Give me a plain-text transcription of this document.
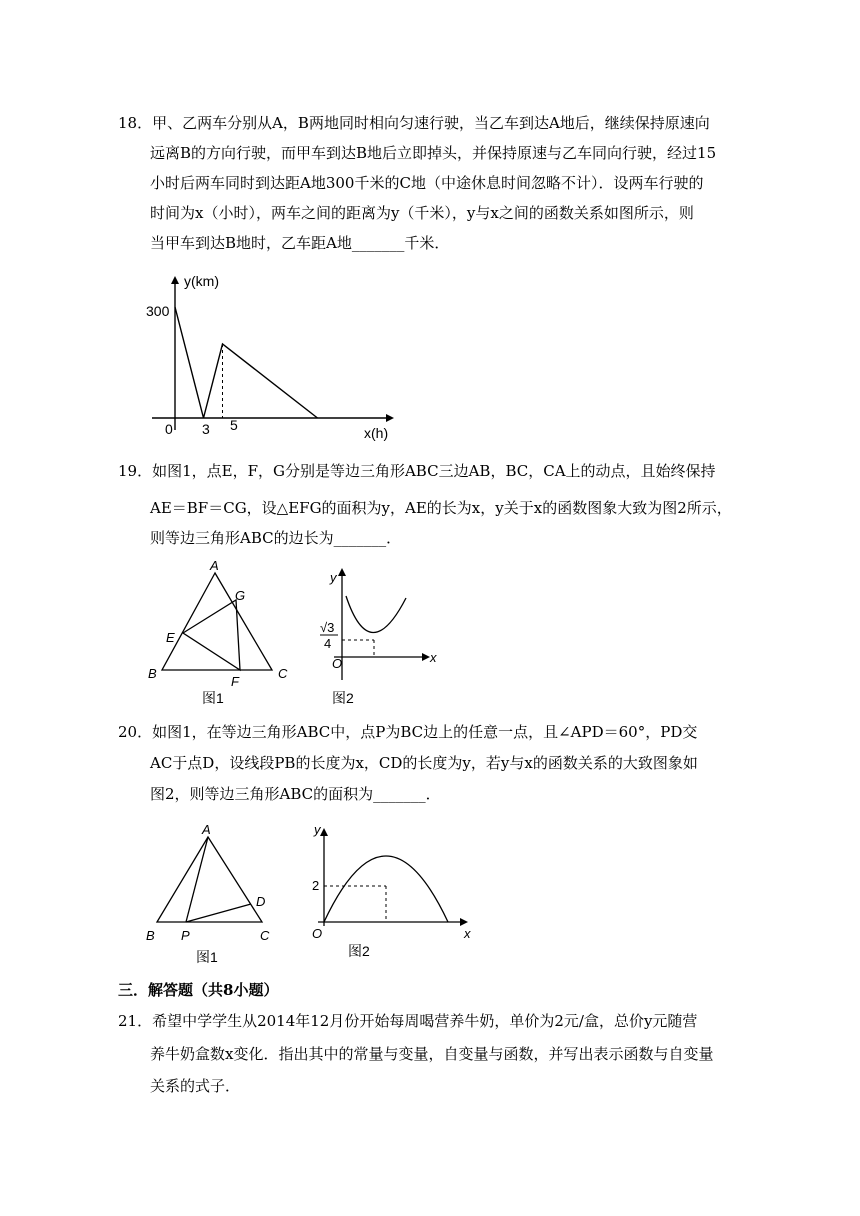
18．甲、乙两车分别从A，B两地同时相向匀速行驶，当乙车到达A地后，继续保持原速向
远离B的方向行驶，而甲车到达B地后立即掉头，并保持原速与乙车同向行驶，经过15
小时后两车同时到达距A地300千米的C地（中途休息时间忽略不计）．设两车行驶的
时间为x（小时），两车之间的距离为y（千米），y与x之间的函数关系如图所示，则
当甲车到达B地时，乙车距A地_______千米．
y(km)
x(h)
300
0 3 5
19．如图1，点E，F，G分别是等边三角形ABC三边AB，BC，CA上的动点，且始终保持
AE＝BF＝CG，设△EFG的面积为y，AE的长为x，y关于x的函数图象大致为图2所示，
则等边三角形ABC的边长为_______．
A
B	C
E
F
G
图1
y
x
O
√3
4
图2
20．如图1，在等边三角形ABC中，点P为BC边上的任意一点，且∠APD＝60°，PD交
AC于点D，设线段PB的长度为x，CD的长度为y，若y与x的函数关系的大致图象如
图2，则等边三角形ABC的面积为_______．
A
B P	C
D
图1
y
x
O
2
图2
三．解答题（共8小题）
21．希望中学学生从2014年12月份开始每周喝营养牛奶，单价为2元/盒，总价y元随营
养牛奶盒数x变化．指出其中的常量与变量，自变量与函数，并写出表示函数与自变量
关系的式子．
